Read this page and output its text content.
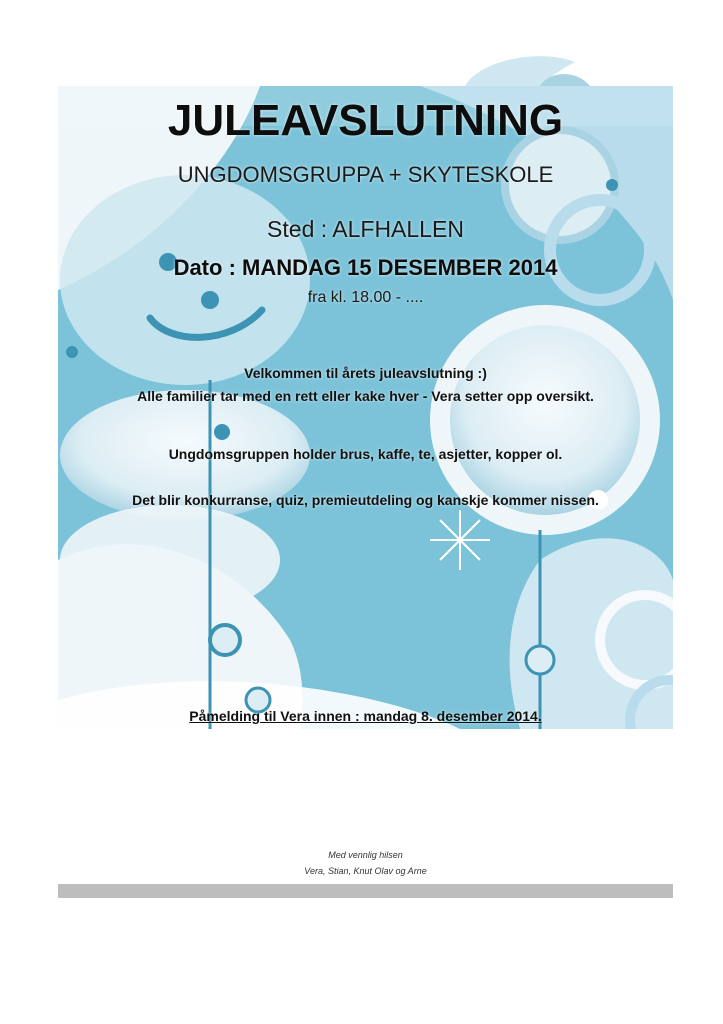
JULEAVSLUTNING
UNGDOMSGRUPPA + SKYTESKOLE
Sted : ALFHALLEN
Dato : MANDAG 15 DESEMBER 2014
fra kl. 18.00 - ....
Velkommen til årets juleavslutning :)
Alle familier tar med en rett eller kake hver - Vera setter opp oversikt.
Ungdomsgruppen holder brus, kaffe, te, asjetter, kopper ol.
Det blir konkurranse, quiz, premieutdeling og kanskje kommer nissen.
Påmelding til Vera innen : mandag 8. desember 2014.
Med vennlig hilsen
Vera, Stian, Knut Olav og Arne
